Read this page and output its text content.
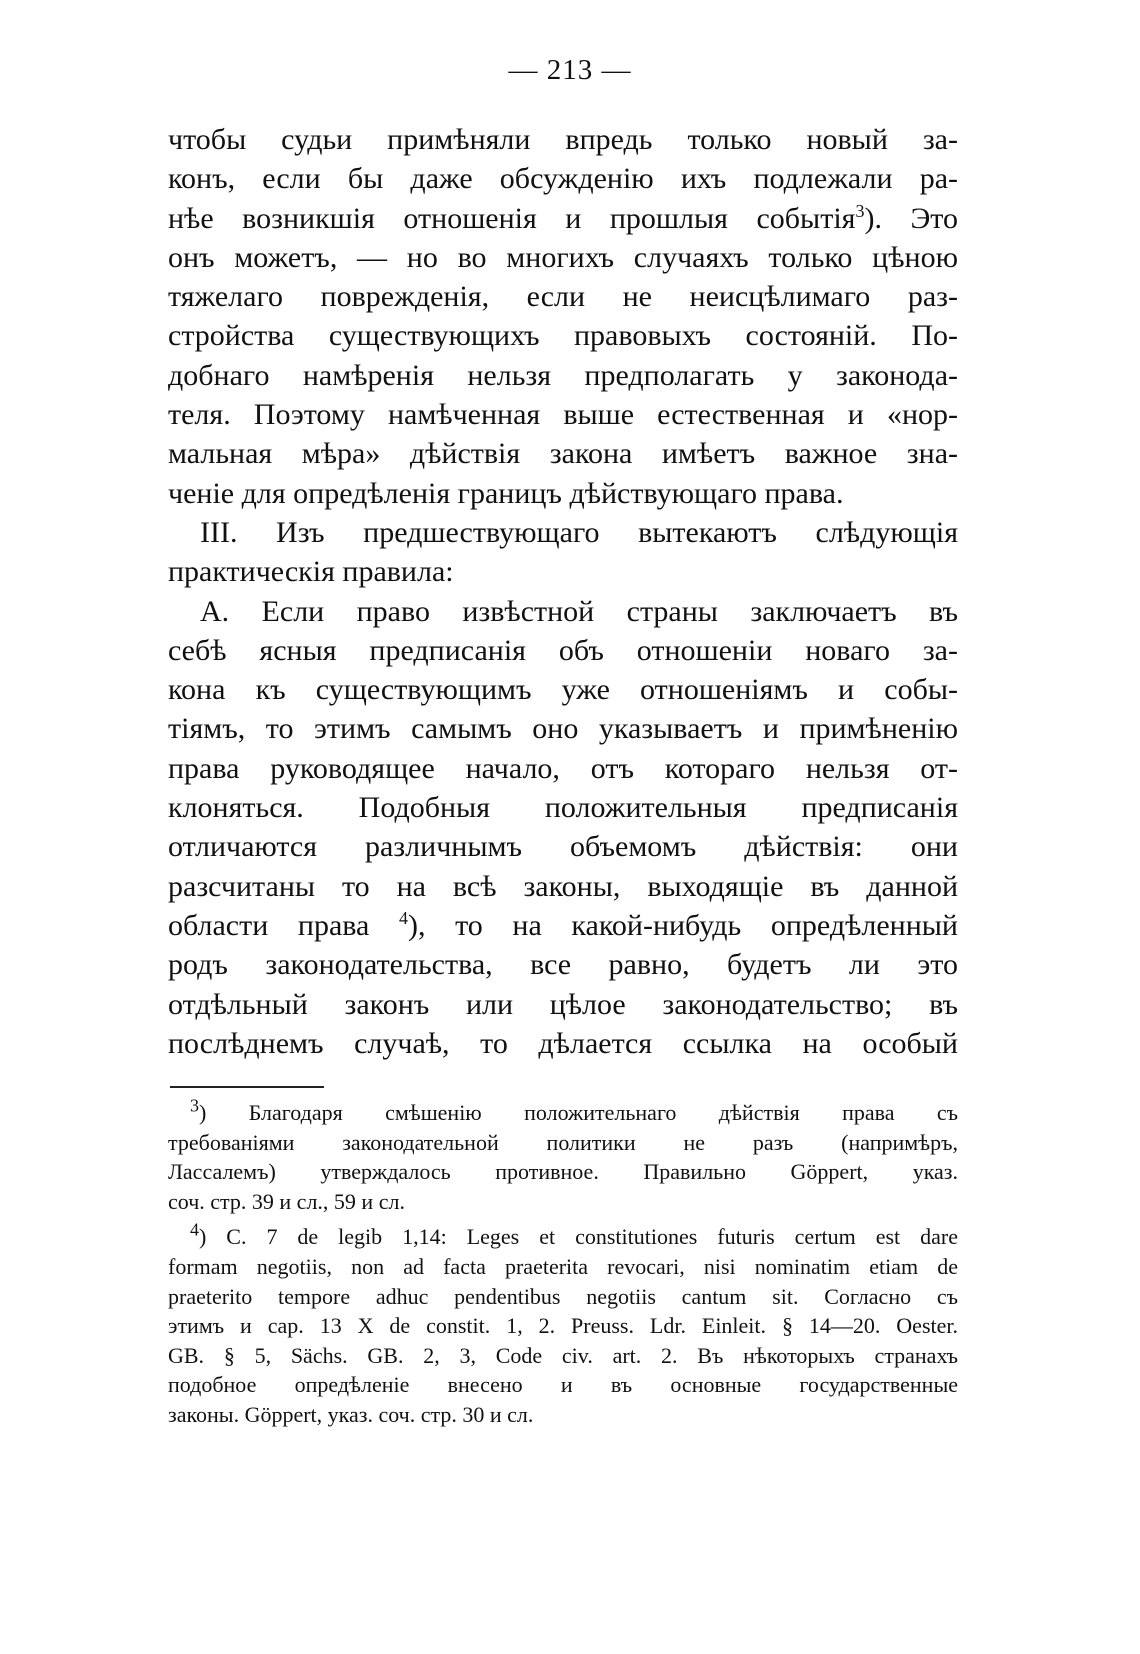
— 213 —
чтобы судьи примѣняли впредь только новый за-
конъ, если бы даже обсужденію ихъ подлежали ра-
нѣе возникшія отношенія и прошлыя событія$^3$). Это
онъ можетъ, — но во многихъ случаяхъ только цѣною
тяжелаго поврежденія, если не неисцѣлимаго раз-
стройства существующихъ правовыхъ состояній. По-
добнаго намѣренія нельзя предполагать у законода-
теля. Поэтому намѣченная выше естественная и «нор-
мальная мѣра» дѣйствія закона имѣетъ важное зна-
ченіе для опредѣленія границъ дѣйствующаго права.
III. Изъ предшествующаго вытекаютъ слѣдующія
практическія правила:
А. Если право извѣстной страны заключаетъ въ
себѣ ясныя предписанія объ отношеніи новаго за-
кона къ существующимъ уже отношеніямъ и собы-
тіямъ, то этимъ самымъ оно указываетъ и примѣненію
права руководящее начало, отъ котораго нельзя от-
клоняться. Подобныя положительныя предписанія
отличаются различнымъ объемомъ дѣйствія: они
разсчитаны то на всѣ законы, выходящіе въ данной
области права $^4$), то на какой-нибудь опредѣленный
родъ законодательства, все равно, будетъ ли это
отдѣльный законъ или цѣлое законодательство; въ
послѣднемъ случаѣ, то дѣлается ссылка на особый
$^3$) Благодаря смѣшенію положительнаго дѣйствія права съ
требованіями законодательной политики не разъ (напримѣръ,
Лассалемъ) утверждалось противное. Правильно Göppert, указ.
соч. стр. 39 и сл., 59 и сл.
$^4$) C. 7 de legib 1,14: Leges et constitutiones futuris certum est dare
formam negotiis, non ad facta praeterita revocari, nisi nominatim etiam de
praeterito tempore adhuc pendentibus negotiis cantum sit. Согласно съ
этимъ и cap. 13 X de constit. 1, 2. Preuss. Ldr. Einleit. § 14—20. Oester.
GB. § 5, Sächs. GB. 2, 3, Code civ. art. 2. Въ нѣкоторыхъ странахъ
подобное опредѣленіе внесено и въ основные государственные
законы. Göppert, указ. соч. стр. 30 и сл.
